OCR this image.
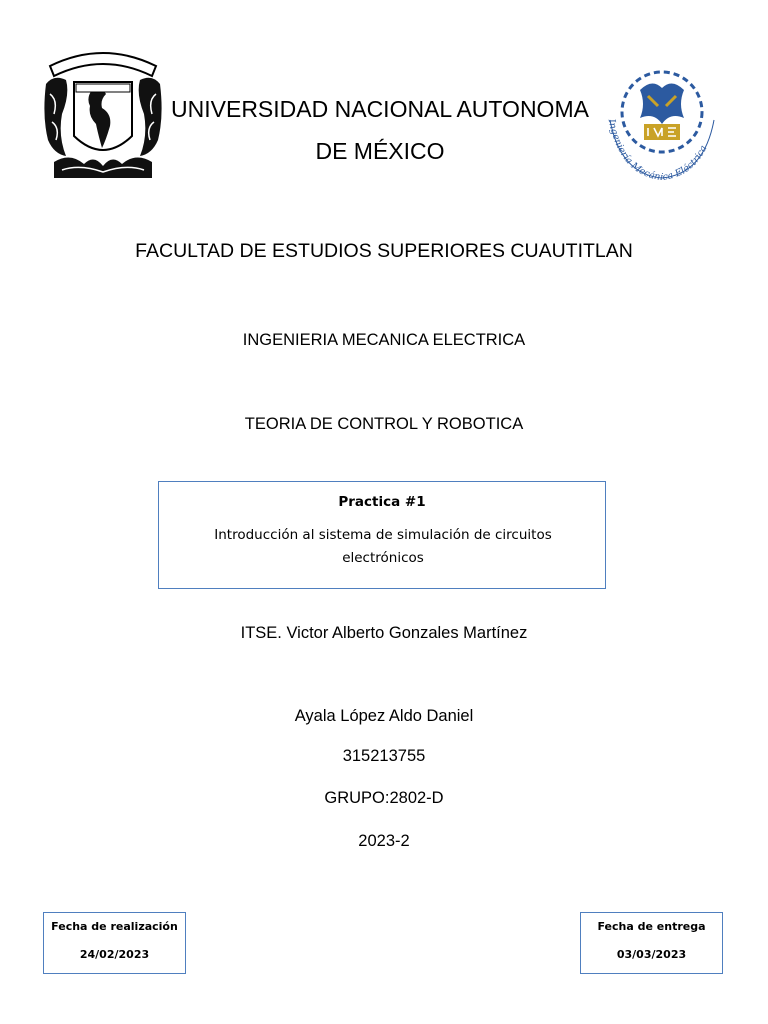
Ingeniería Mecánica Eléctrica
UNIVERSIDAD NACIONAL AUTONOMA
DE MÉXICO
FACULTAD DE ESTUDIOS SUPERIORES CUAUTITLAN
INGENIERIA MECANICA ELECTRICA
TEORIA DE CONTROL Y ROBOTICA
Practica #1
Introducción al sistema de simulación de circuitos electrónicos
ITSE. Victor Alberto Gonzales Martínez
Ayala López Aldo Daniel
315213755
GRUPO:2802-D
2023-2
Fecha de realización
24/02/2023
Fecha de entrega
03/03/2023
